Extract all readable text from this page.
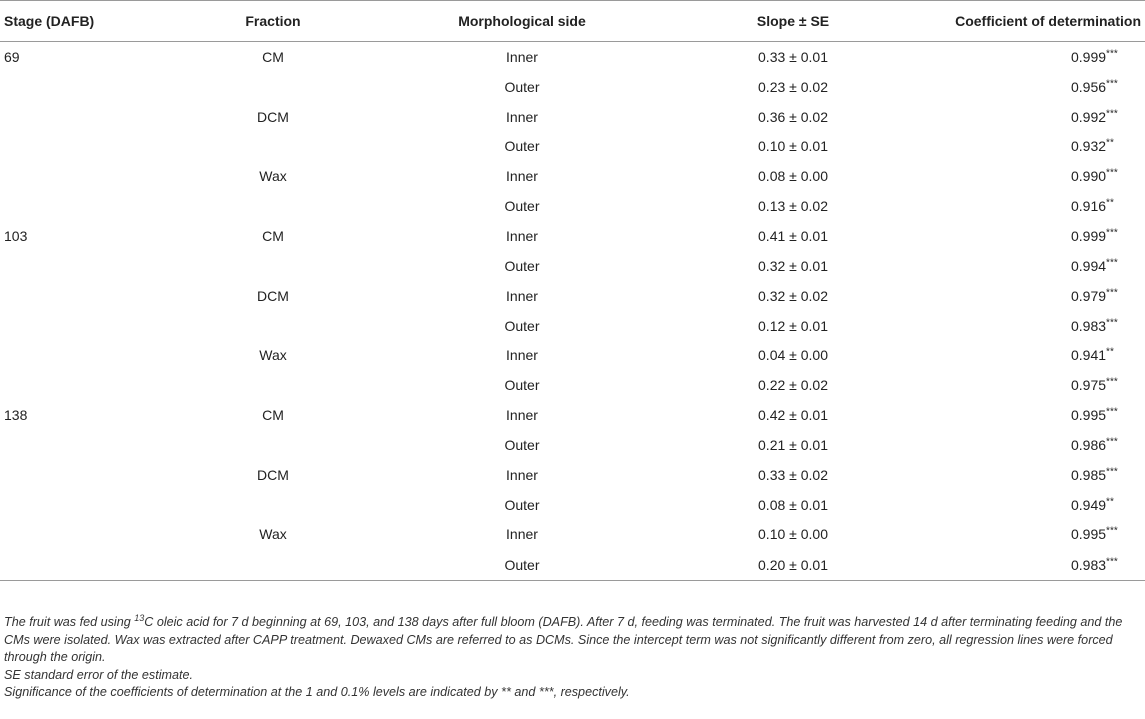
Stage (DAFB)	Fraction	Morphological side	Slope ± SE	Coefficient of determination
69	CM	Inner	0.33 ± 0.01	0.999***
		Outer	0.23 ± 0.02	0.956***
	DCM	Inner	0.36 ± 0.02	0.992***
		Outer	0.10 ± 0.01	0.932**
	Wax	Inner	0.08 ± 0.00	0.990***
		Outer	0.13 ± 0.02	0.916**
103	CM	Inner	0.41 ± 0.01	0.999***
		Outer	0.32 ± 0.01	0.994***
	DCM	Inner	0.32 ± 0.02	0.979***
		Outer	0.12 ± 0.01	0.983***
	Wax	Inner	0.04 ± 0.00	0.941**
		Outer	0.22 ± 0.02	0.975***
138	CM	Inner	0.42 ± 0.01	0.995***
		Outer	0.21 ± 0.01	0.986***
	DCM	Inner	0.33 ± 0.02	0.985***
		Outer	0.08 ± 0.01	0.949**
	Wax	Inner	0.10 ± 0.00	0.995***
		Outer	0.20 ± 0.01	0.983***

The fruit was fed using $^{13}$C oleic acid for 7 d beginning at 69, 103, and 138 days after full bloom (DAFB). After 7 d, feeding was terminated. The fruit was harvested 14 d after terminating feeding and the CMs were isolated. Wax was extracted after CAPP treatment. Dewaxed CMs are referred to as DCMs. Since the intercept term was not significantly different from zero, all regression lines were forced through the origin.

SE standard error of the estimate.

Significance of the coefficients of determination at the 1 and 0.1% levels are indicated by ** and ***, respectively.
